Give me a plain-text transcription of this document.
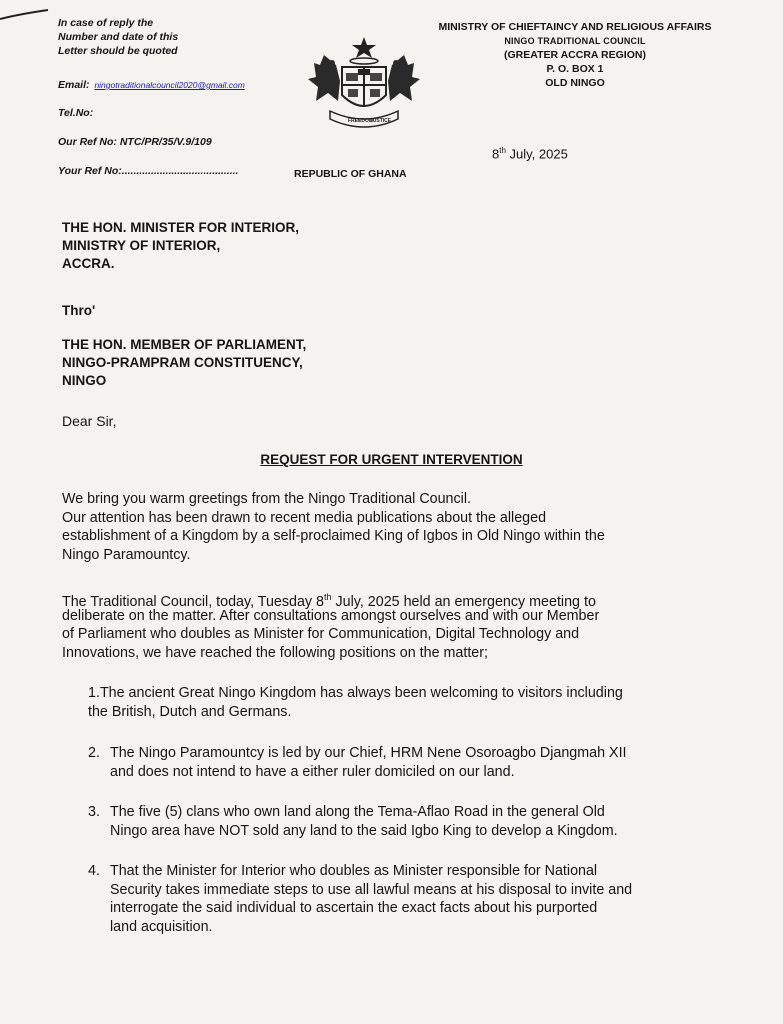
In case of reply the
Number and date of this
Letter should be quoted
Email: ningotraditionalcouncil2020@gmail.com
Tel.No:
Our Ref No: NTC/PR/35/V.9/109
Your Ref No:........................................
MINISTRY OF CHIEFTAINCY AND RELIGIOUS AFFAIRS
NINGO TRADITIONAL COUNCIL
(GREATER ACCRA REGION)
P. O. BOX 1
OLD NINGO
FREEDOM
JUSTICE
REPUBLIC OF GHANA
8th July, 2025
THE HON. MINISTER FOR INTERIOR,
MINISTRY OF INTERIOR,
ACCRA.
Thro'
THE HON. MEMBER OF PARLIAMENT,
NINGO-PRAMPRAM CONSTITUENCY,
NINGO
Dear Sir,
REQUEST FOR URGENT INTERVENTION
We bring you warm greetings from the Ningo Traditional Council.
Our attention has been drawn to recent media publications about the alleged
establishment of a Kingdom by a self-proclaimed King of Igbos in Old Ningo within the
Ningo Paramountcy.
The Traditional Council, today, Tuesday 8th July, 2025 held an emergency meeting to
deliberate on the matter. After consultations amongst ourselves and with our Member
of Parliament who doubles as Minister for Communication, Digital Technology and
Innovations, we have reached the following positions on the matter;
1.The ancient Great Ningo Kingdom has always been welcoming to visitors including
the British, Dutch and Germans.
2. The Ningo Paramountcy is led by our Chief, HRM Nene Osoroagbo Djangmah XII
and does not intend to have a either ruler domiciled on our land.
3. The five (5) clans who own land along the Tema-Aflao Road in the general Old
Ningo area have NOT sold any land to the said Igbo King to develop a Kingdom.
4. That the Minister for Interior who doubles as Minister responsible for National
Security takes immediate steps to use all lawful means at his disposal to invite and
interrogate the said individual to ascertain the exact facts about his purported
land acquisition.
